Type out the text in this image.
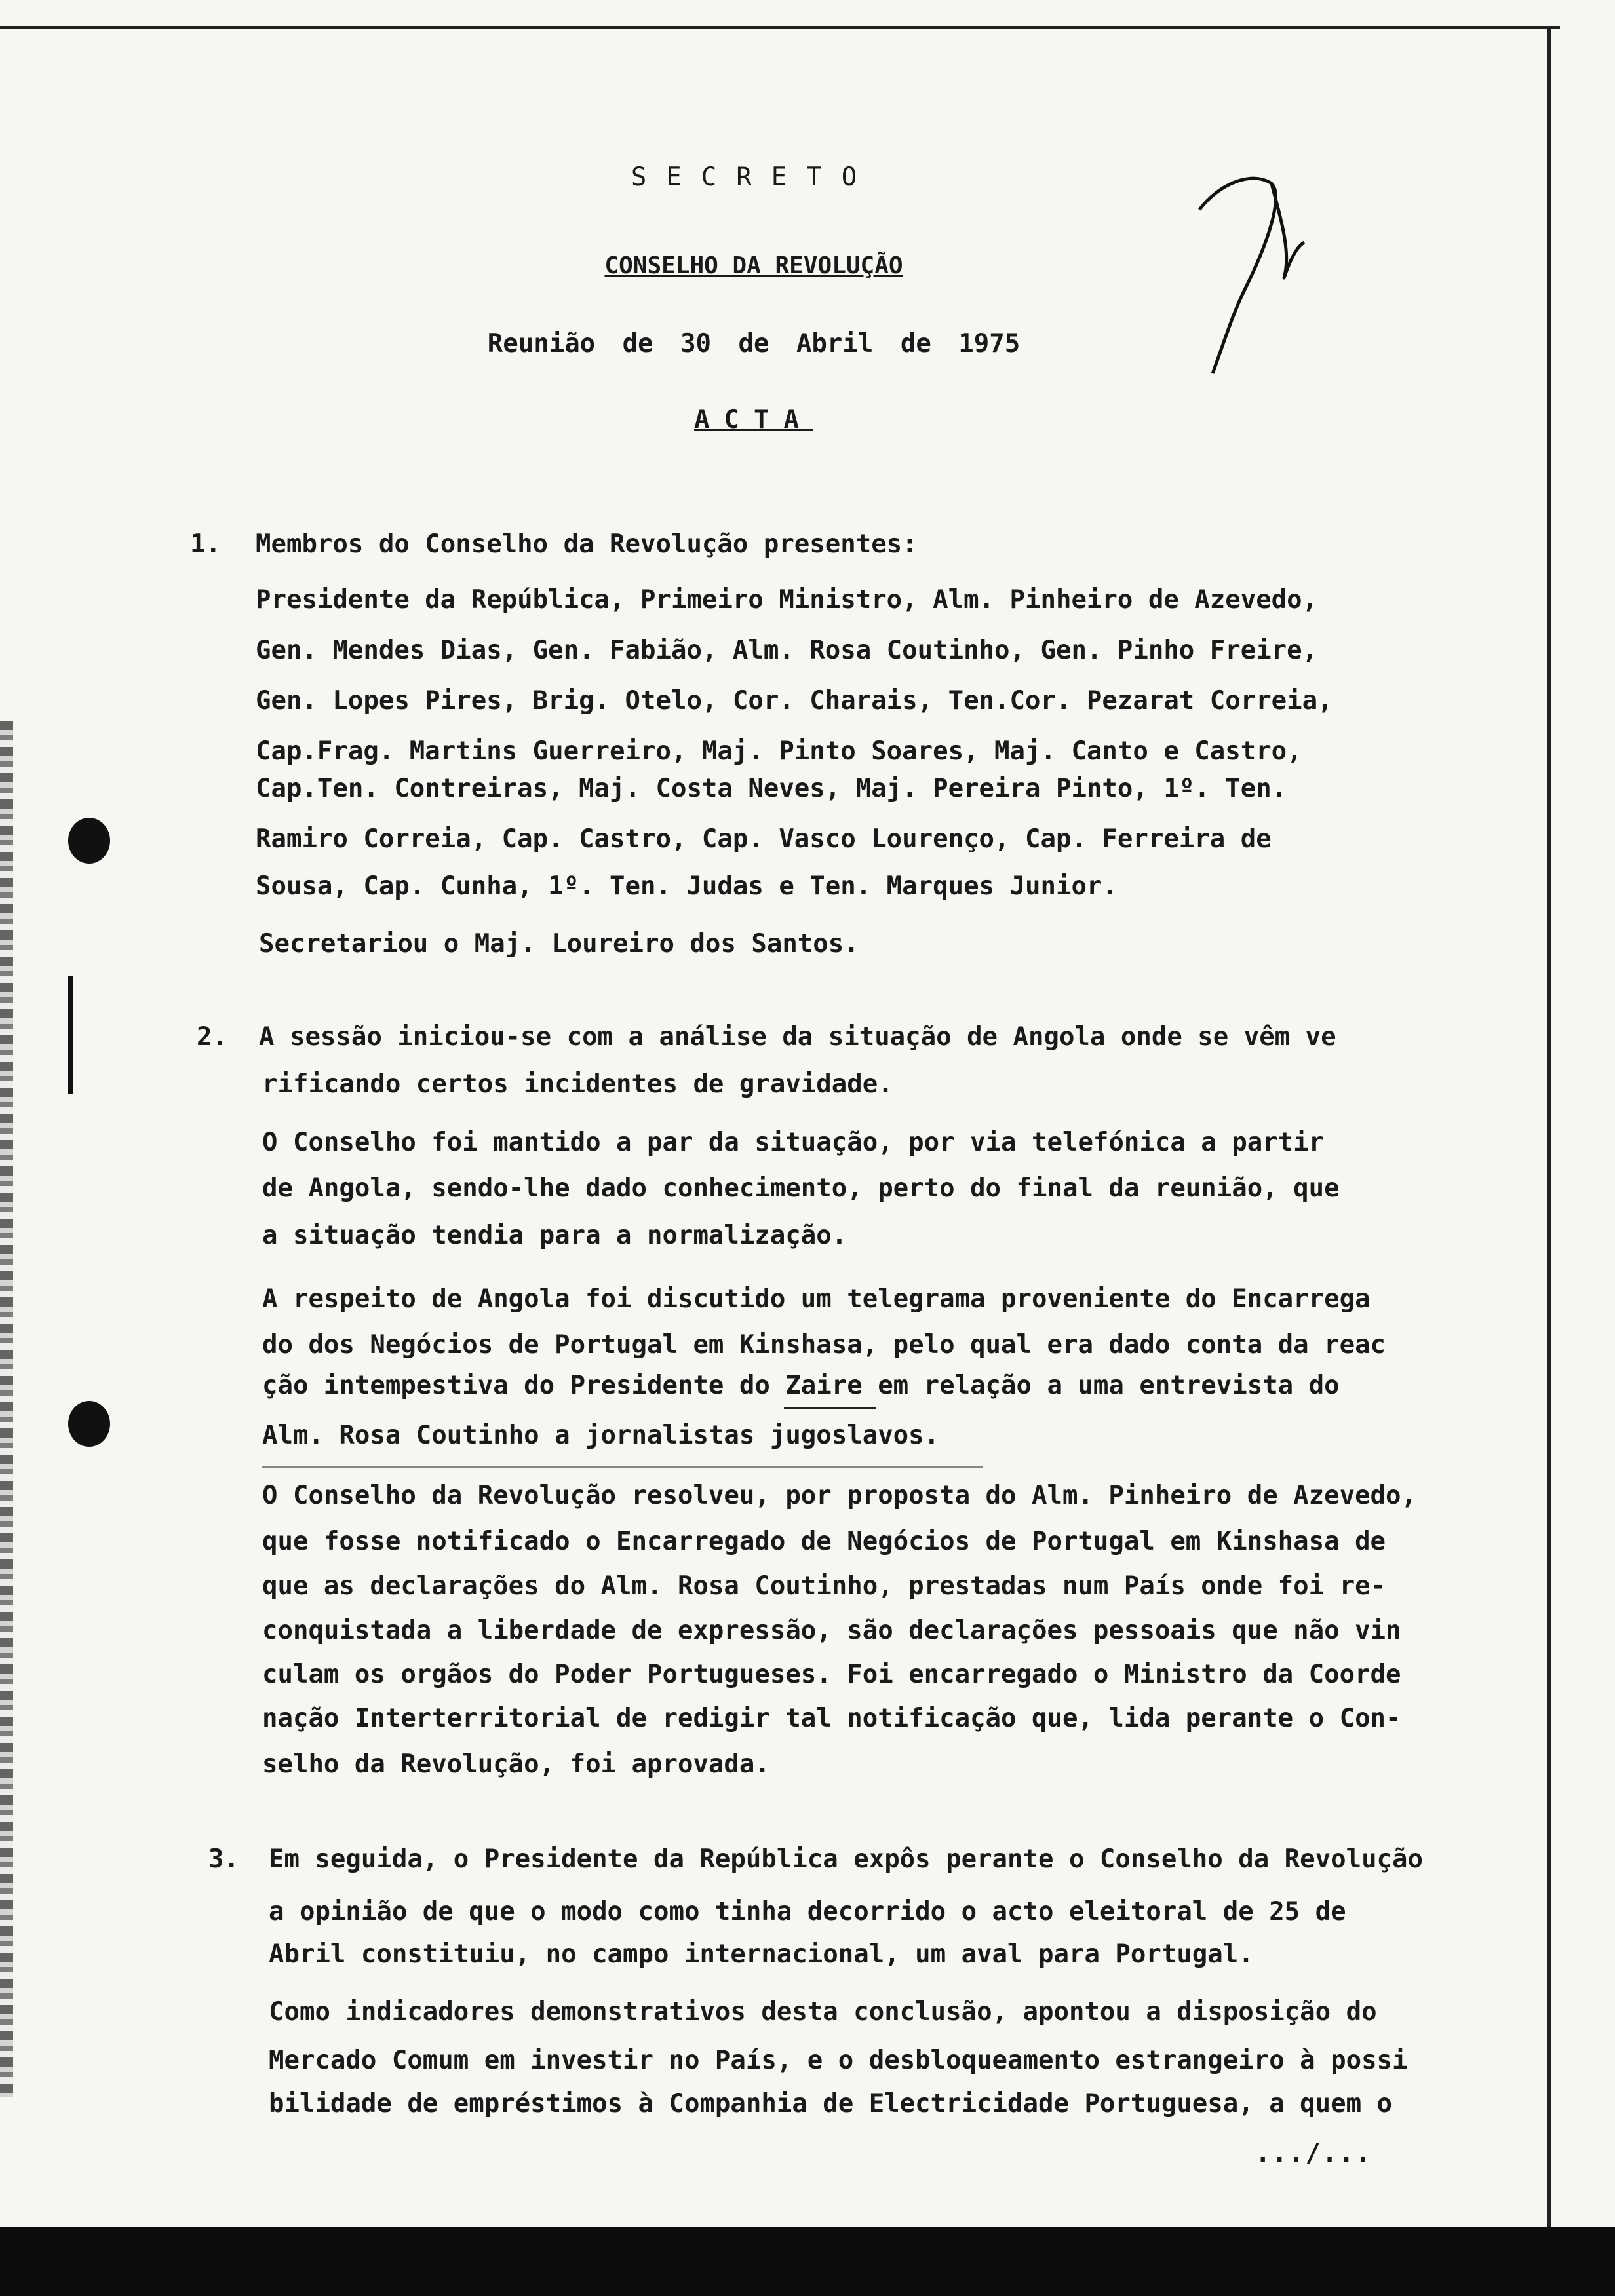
SECRETO
CONSELHO DA REVOLUÇÃO
Reunião de 30 de Abril de 1975
ACTA
1. Membros do Conselho da Revolução presentes:
Presidente da República, Primeiro Ministro, Alm. Pinheiro de Azevedo,
Gen. Mendes Dias, Gen. Fabião, Alm. Rosa Coutinho, Gen. Pinho Freire,
Gen. Lopes Pires, Brig. Otelo, Cor. Charais, Ten.Cor. Pezarat Correia,
Cap.Frag. Martins Guerreiro, Maj. Pinto Soares, Maj. Canto e Castro,
Cap.Ten. Contreiras, Maj. Costa Neves, Maj. Pereira Pinto, 1º. Ten.
Ramiro Correia, Cap. Castro, Cap. Vasco Lourenço, Cap. Ferreira de
Sousa, Cap. Cunha, 1º. Ten. Judas e Ten. Marques Junior.
Secretariou o Maj. Loureiro dos Santos.
2. A sessão iniciou-se com a análise da situação de Angola onde se vêm ve
rificando certos incidentes de gravidade.
O Conselho foi mantido a par da situação, por via telefónica a partir
de Angola, sendo-lhe dado conhecimento, perto do final da reunião, que
a situação tendia para a normalização.
A respeito de Angola foi discutido um telegrama proveniente do Encarrega
do dos Negócios de Portugal em Kinshasa, pelo qual era dado conta da reac
ção intempestiva do Presidente do Zaire em relação a uma entrevista do
Alm. Rosa Coutinho a jornalistas jugoslavos.
O Conselho da Revolução resolveu, por proposta do Alm. Pinheiro de Azevedo,
que fosse notificado o Encarregado de Negócios de Portugal em Kinshasa de
que as declarações do Alm. Rosa Coutinho, prestadas num País onde foi re-
conquistada a liberdade de expressão, são declarações pessoais que não vin
culam os orgãos do Poder Portugueses. Foi encarregado o Ministro da Coorde
nação Interterritorial de redigir tal notificação que, lida perante o Con-
selho da Revolução, foi aprovada.
3. Em seguida, o Presidente da República expôs perante o Conselho da Revolução
a opinião de que o modo como tinha decorrido o acto eleitoral de 25 de
Abril constituiu, no campo internacional, um aval para Portugal.
Como indicadores demonstrativos desta conclusão, apontou a disposição do
Mercado Comum em investir no País, e o desbloqueamento estrangeiro à possi
bilidade de empréstimos à Companhia de Electricidade Portuguesa, a quem o
.../...
